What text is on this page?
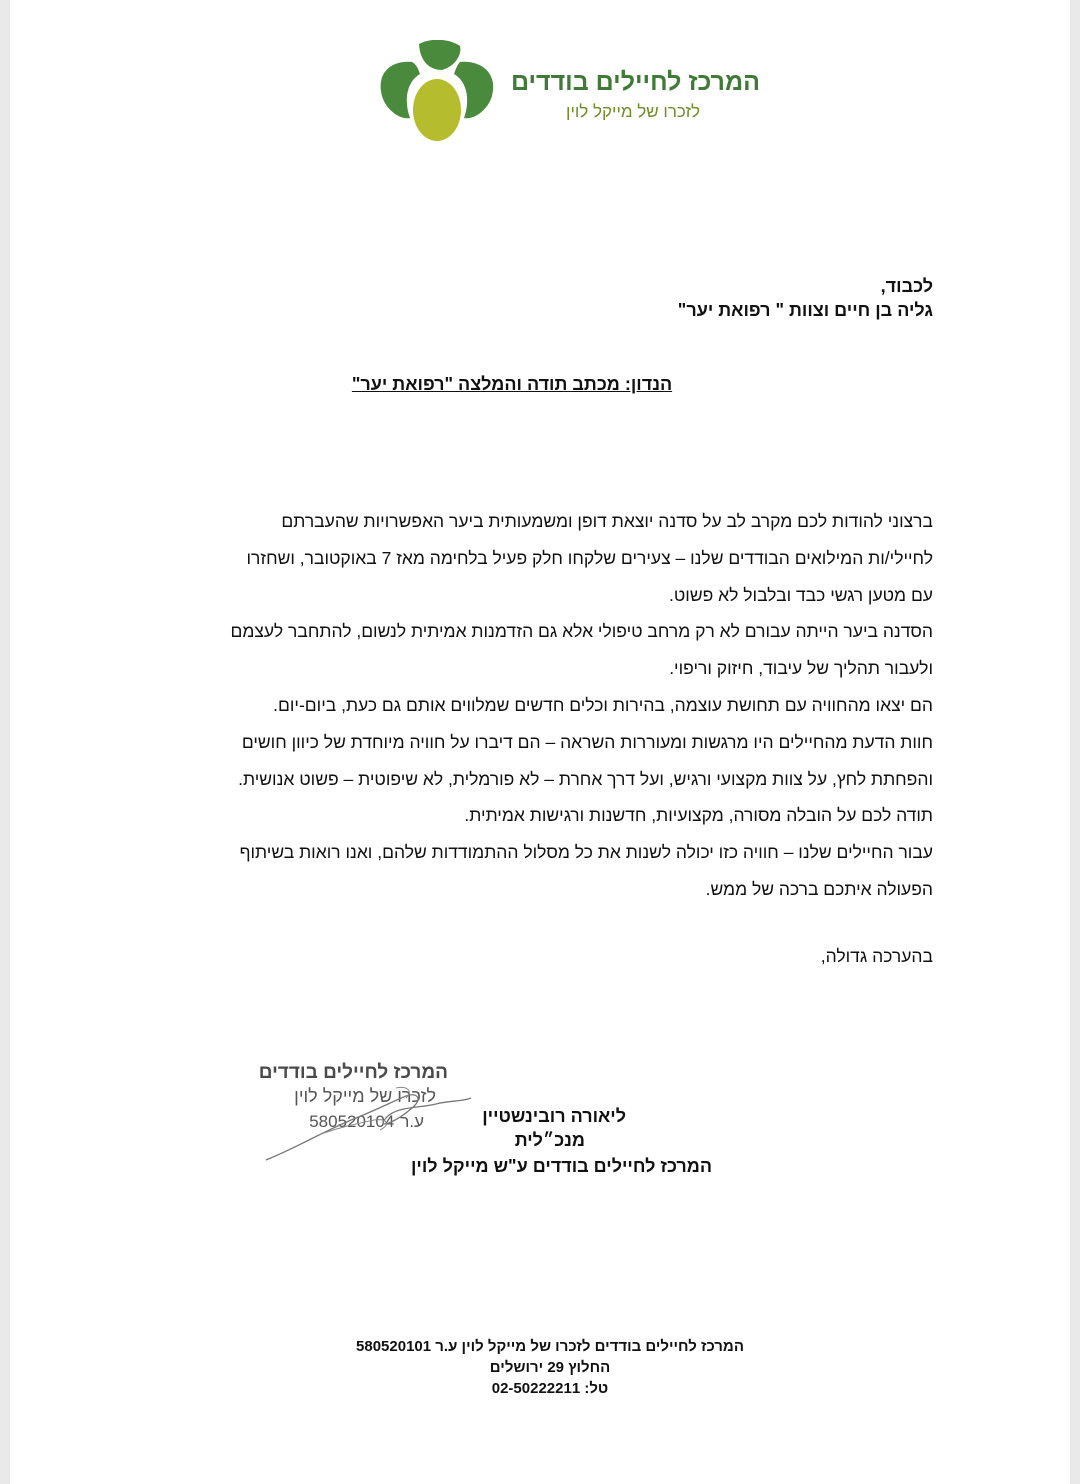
המרכז לחיילים בודדים
לזכרו של מייקל לוין
לכבוד,
גליה בן חיים וצוות " רפואת יער"
הנדון: מכתב תודה והמלצה "רפואת יער"
ברצוני להודות לכם מקרב לב על סדנה יוצאת דופן ומשמעותית ביער האפשרויות שהעברתם
לחיילי/ות המילואים הבודדים שלנו – צעירים שלקחו חלק פעיל בלחימה מאז 7 באוקטובר, ושחזרו
עם מטען רגשי כבד ובלבול לא פשוט.
הסדנה ביער הייתה עבורם לא רק מרחב טיפולי אלא גם הזדמנות אמיתית לנשום, להתחבר לעצמם
ולעבור תהליך של עיבוד, חיזוק וריפוי.
הם יצאו מהחוויה עם תחושת עוצמה, בהירות וכלים חדשים שמלווים אותם גם כעת, ביום-יום.
חוות הדעת מהחיילים היו מרגשות ומעוררות השראה – הם דיברו על חוויה מיוחדת של כיוון חושים
והפחתת לחץ, על צוות מקצועי ורגיש, ועל דרך אחרת – לא פורמלית, לא שיפוטית – פשוט אנושית.
תודה לכם על הובלה מסורה, מקצועיות, חדשנות ורגישות אמיתית.
עבור החיילים שלנו – חוויה כזו יכולה לשנות את כל מסלול ההתמודדות שלהם, ואנו רואות בשיתוף
הפעולה איתכם ברכה של ממש.
בהערכה גדולה,
המרכז לחיילים בודדים
לזכרו של מייקל לוין
ע.ר
580520104	ליאורה רובינשטיין
מנכ״לית
המרכז לחיילים בודדים ע"ש מייקל לוין
המרכז לחיילים בודדים לזכרו של מייקל לוין ע.ר 580520101
החלוץ 29 ירושלים
טל: 02-50222211
